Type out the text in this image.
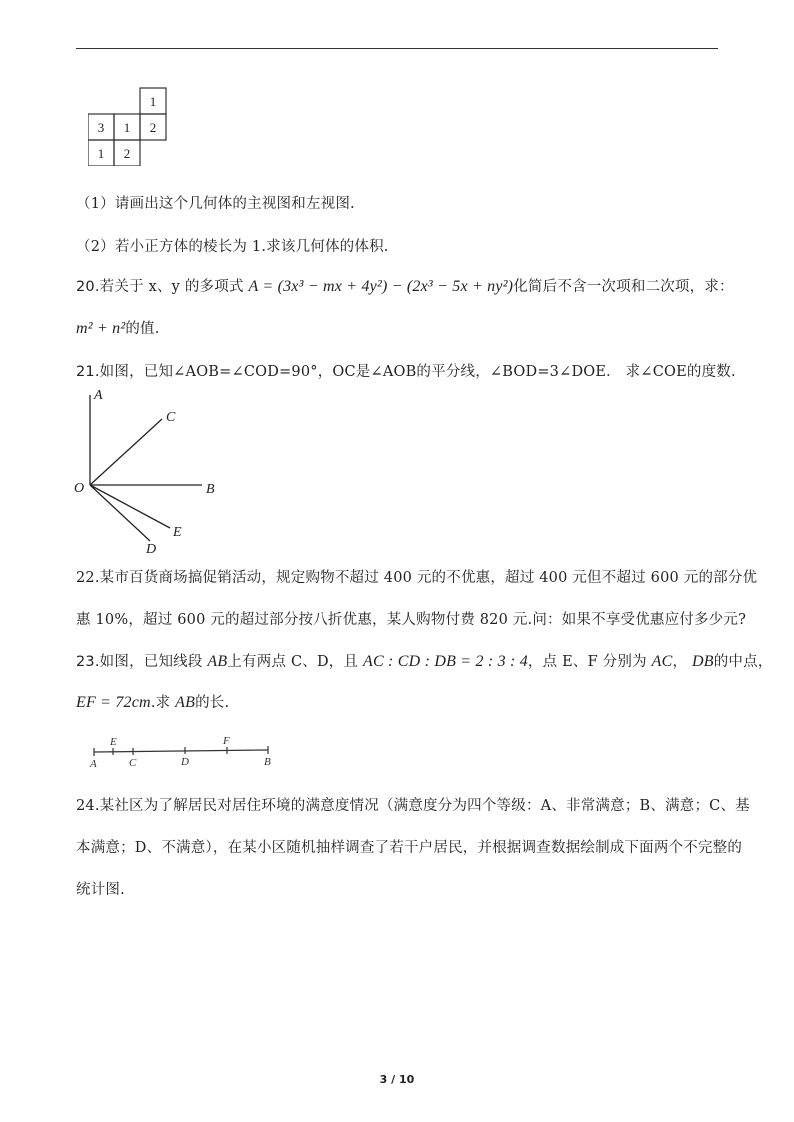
1
3 1 2
1 2
（1）请画出这个几何体的主视图和左视图.
（2）若小正方体的棱长为 1.求该几何体的体积.
20.若关于 x、y 的多项式 A = (3x³ − mx + 4y²) − (2x³ − 5x + ny²)化简后不含一次项和二次项，求：
m² + n²的值.
21.如图，已知∠AOB=∠COD=90°，OC是∠AOB的平分线，∠BOD=3∠DOE． 求∠COE的度数.
A
C
O	B
E
D
22.某市百货商场搞促销活动，规定购物不超过 400 元的不优惠，超过 400 元但不超过 600 元的部分优
惠 10%，超过 600 元的超过部分按八折优惠，某人购物付费 820 元.问：如果不享受优惠应付多少元?
23.如图，已知线段 AB上有两点 C、D，且 AC : CD : DB = 2 : 3 : 4，点 E、F 分别为 AC， DB的中点，
EF = 72cm.求 AB的长.
E	F
A	C	D	B
24.某社区为了解居民对居住环境的满意度情况（满意度分为四个等级：A、非常满意；B、满意；C、基
本满意；D、不满意），在某小区随机抽样调查了若干户居民，并根据调查数据绘制成下面两个不完整的
统计图.
3 / 10
